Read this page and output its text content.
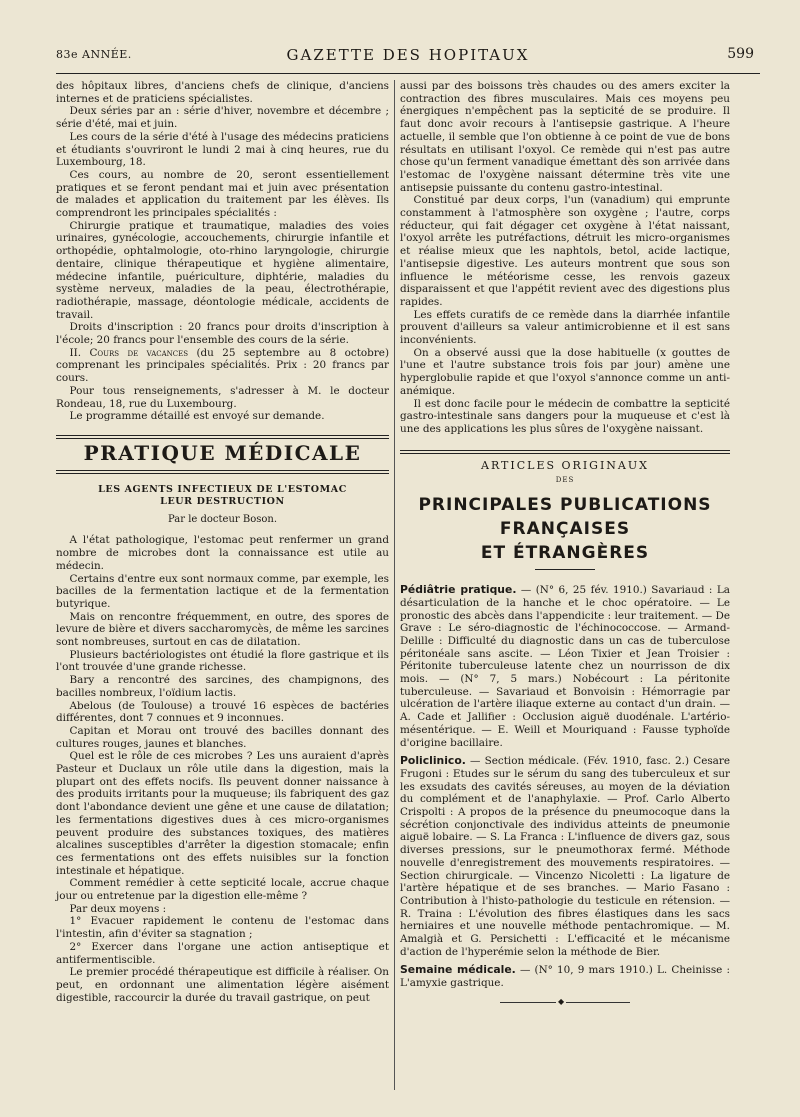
83e ANNÉE.	GAZETTE DES HOPITAUX	599

des hôpitaux libres, d'anciens chefs de clinique, d'anciens internes et de praticiens spécialistes.

Deux séries par an : série d'hiver, novembre et décembre ; série d'été, mai et juin.

Les cours de la série d'été à l'usage des médecins praticiens et étudiants s'ouvriront le lundi 2 mai à cinq heures, rue du Luxembourg, 18.

Ces cours, au nombre de 20, seront essentiellement pratiques et se feront pendant mai et juin avec présentation de malades et application du traitement par les élèves. Ils comprendront les principales spécialités :

Chirurgie pratique et traumatique, maladies des voies urinaires, gynécologie, accouchements, chirurgie infantile et orthopédie, ophtalmologie, oto-rhino laryngologie, chirurgie dentaire, clinique thérapeutique et hygiène alimentaire, médecine infantile, puériculture, diphtérie, maladies du système nerveux, maladies de la peau, électrothérapie, radiothérapie, massage, déontologie médicale, accidents de travail.

Droits d'inscription : 20 francs pour droits d'inscription à l'école; 20 francs pour l'ensemble des cours de la série.

II. Cours de vacances (du 25 septembre au 8 octobre) comprenant les principales spécialités. Prix : 20 francs par cours.

Pour tous renseignements, s'adresser à M. le docteur Rondeau, 18, rue du Luxembourg.

Le programme détaillé est envoyé sur demande.

PRATIQUE MÉDICALE
LES AGENTS INFECTIEUX DE L'ESTOMAC
LEUR DESTRUCTION
Par le docteur Boson.

A l'état pathologique, l'estomac peut renfermer un grand nombre de microbes dont la connaissance est utile au médecin.

Certains d'entre eux sont normaux comme, par exemple, les bacilles de la fermentation lactique et de la fermentation butyrique.

Mais on rencontre fréquemment, en outre, des spores de levure de bière et divers saccharomycès, de même les sarcines sont nombreuses, surtout en cas de dilatation.

Plusieurs bactériologistes ont étudié la flore gastrique et ils l'ont trouvée d'une grande richesse.

Bary a rencontré des sarcines, des champignons, des bacilles nombreux, l'oïdium lactis.

Abelous (de Toulouse) a trouvé 16 espèces de bactéries différentes, dont 7 connues et 9 inconnues.

Capitan et Morau ont trouvé des bacilles donnant des cultures rouges, jaunes et blanches.

Quel est le rôle de ces microbes ? Les uns auraient d'après Pasteur et Duclaux un rôle utile dans la digestion, mais la plupart ont des effets nocifs. Ils peuvent donner naissance à des produits irritants pour la muqueuse; ils fabriquent des gaz dont l'abondance devient une gêne et une cause de dilatation; les fermentations digestives dues à ces micro-organismes peuvent produire des substances toxiques, des matières alcalines susceptibles d'arrêter la digestion stomacale; enfin ces fermentations ont des effets nuisibles sur la fonction intestinale et hépatique.

Comment remédier à cette septicité locale, accrue chaque jour ou entretenue par la digestion elle-même ?

Par deux moyens :

1° Evacuer rapidement le contenu de l'estomac dans l'intestin, afin d'éviter sa stagnation ;

2° Exercer dans l'organe une action antiseptique et antifermentiscible.

Le premier procédé thérapeutique est difficile à réaliser. On peut, en ordonnant une alimentation légère aisément digestible, raccourcir la durée du travail gastrique, on peut

aussi par des boissons très chaudes ou des amers exciter la contraction des fibres musculaires. Mais ces moyens peu énergiques n'empêchent pas la septicité de se produire. Il faut donc avoir recours à l'antisepsie gastrique. A l'heure actuelle, il semble que l'on obtienne à ce point de vue de bons résultats en utilisant l'oxyol. Ce remède qui n'est pas autre chose qu'un ferment vanadique émettant dès son arrivée dans l'estomac de l'oxygène naissant détermine très vite une antisepsie puissante du contenu gastro-intestinal.

Constitué par deux corps, l'un (vanadium) qui emprunte constamment à l'atmosphère son oxygène ; l'autre, corps réducteur, qui fait dégager cet oxygène à l'état naissant, l'oxyol arrête les putréfactions, détruit les micro-organismes et réalise mieux que les naphtols, betol, acide lactique, l'antisepsie digestive. Les auteurs montrent que sous son influence le météorisme cesse, les renvois gazeux disparaissent et que l'appétit revient avec des digestions plus rapides.

Les effets curatifs de ce remède dans la diarrhée infantile prouvent d'ailleurs sa valeur antimicrobienne et il est sans inconvénients.

On a observé aussi que la dose habituelle (x gouttes de l'une et l'autre substance trois fois par jour) amène une hyperglobulie rapide et que l'oxyol s'annonce comme un anti-anémique.

Il est donc facile pour le médecin de combattre la septicité gastro-intestinale sans dangers pour la muqueuse et c'est là une des applications les plus sûres de l'oxygène naissant.

ARTICLES ORIGINAUX
DES
PRINCIPALES PUBLICATIONS FRANÇAISES
ET ÉTRANGÈRES

Pédiâtrie pratique. — (N° 6, 25 fév. 1910.) Savariaud : La désarticulation de la hanche et le choc opératoire. — Le pronostic des abcès dans l'appendicite : leur traitement. — De Grave : Le séro-diagnostic de l'échinococcose. — Armand-Delille : Difficulté du diagnostic dans un cas de tuberculose péritonéale sans ascite. — Léon Tixier et Jean Troisier : Péritonite tuberculeuse latente chez un nourrisson de dix mois. — (N° 7, 5 mars.) Nobécourt : La péritonite tuberculeuse. — Savariaud et Bonvoisin : Hémorragie par ulcération de l'artère iliaque externe au contact d'un drain. — A. Cade et Jallifier : Occlusion aiguë duodénale. L'artério-mésentérique. — E. Weill et Mouriquand : Fausse typhoïde d'origine bacillaire.

Policlinico. — Section médicale. (Fév. 1910, fasc. 2.) Cesare Frugoni : Etudes sur le sérum du sang des tuberculeux et sur les exsudats des cavités séreuses, au moyen de la déviation du complément et de l'anaphylaxie. — Prof. Carlo Alberto Crispolti : A propos de la présence du pneumocoque dans la sécrétion conjonctivale des individus atteints de pneumonie aiguë lobaire. — S. La Franca : L'influence de divers gaz, sous diverses pressions, sur le pneumothorax fermé. Méthode nouvelle d'enregistrement des mouvements respiratoires. — Section chirurgicale. — Vincenzo Nicoletti : La ligature de l'artère hépatique et de ses branches. — Mario Fasano : Contribution à l'histo-pathologie du testicule en rétension. — R. Traina : L'évolution des fibres élastiques dans les sacs herniaires et une nouvelle méthode pentachromique. — M. Amalgià et G. Persichetti : L'efficacité et le mécanisme d'action de l'hyperémie selon la méthode de Bier.

Semaine médicale. — (N° 10, 9 mars 1910.) L. Cheinisse : L'amyxie gastrique.

◆
